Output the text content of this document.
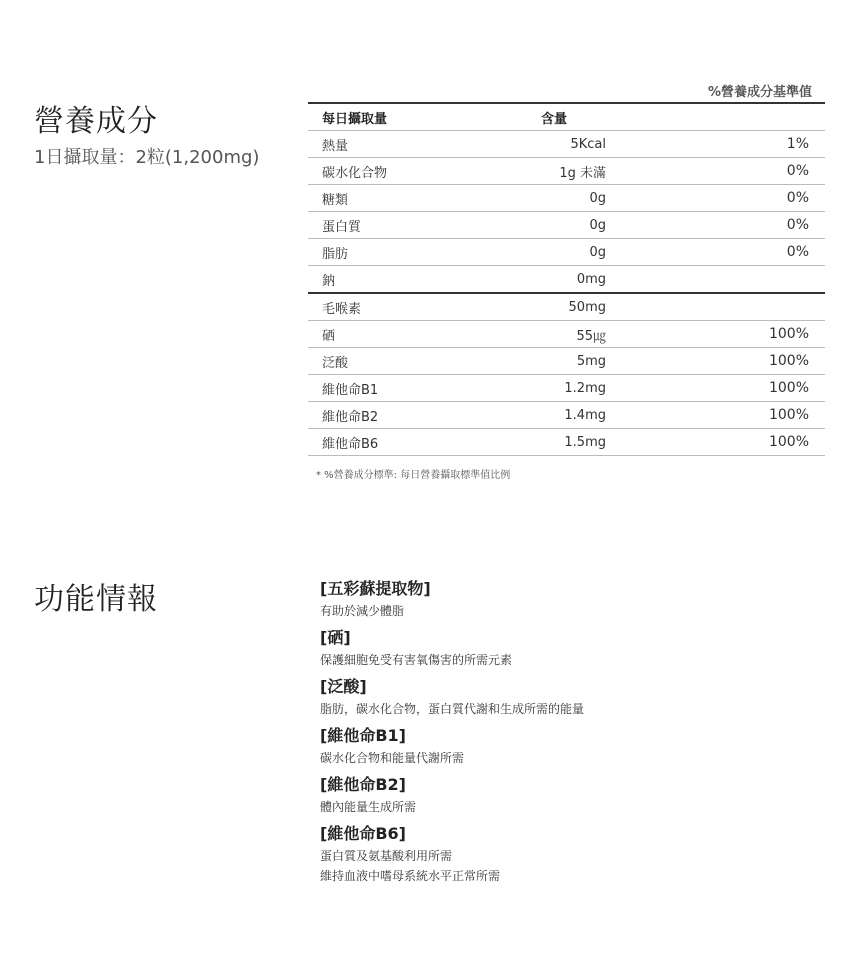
營養成分
1日攝取量：2粒(1,200mg)
%營養成分基準值
每日攝取量	含量	
熱量	5Kcal	1%
碳水化合物	1g 未滿	0%
糖類	0g	0%
蛋白質	0g	0%
脂肪	0g	0%
鈉	0mg	
毛喉素	50mg	
硒	55㎍	100%
泛酸	5mg	100%
維他命B1	1.2mg	100%
維他命B2	1.4mg	100%
維他命B6	1.5mg	100%
* %營養成分標準: 每日營養攝取標準值比例
功能情報	[五彩蘇提取物]
有助於減少體脂
[硒]
保護細胞免受有害氧傷害的所需元素
[泛酸]
脂肪，碳水化合物，蛋白質代謝和生成所需的能量
[維他命B1]
碳水化合物和能量代謝所需
[維他命B2]
體內能量生成所需
[維他命B6]
蛋白質及氨基酸利用所需
維持血液中嗜母系統水平正常所需
